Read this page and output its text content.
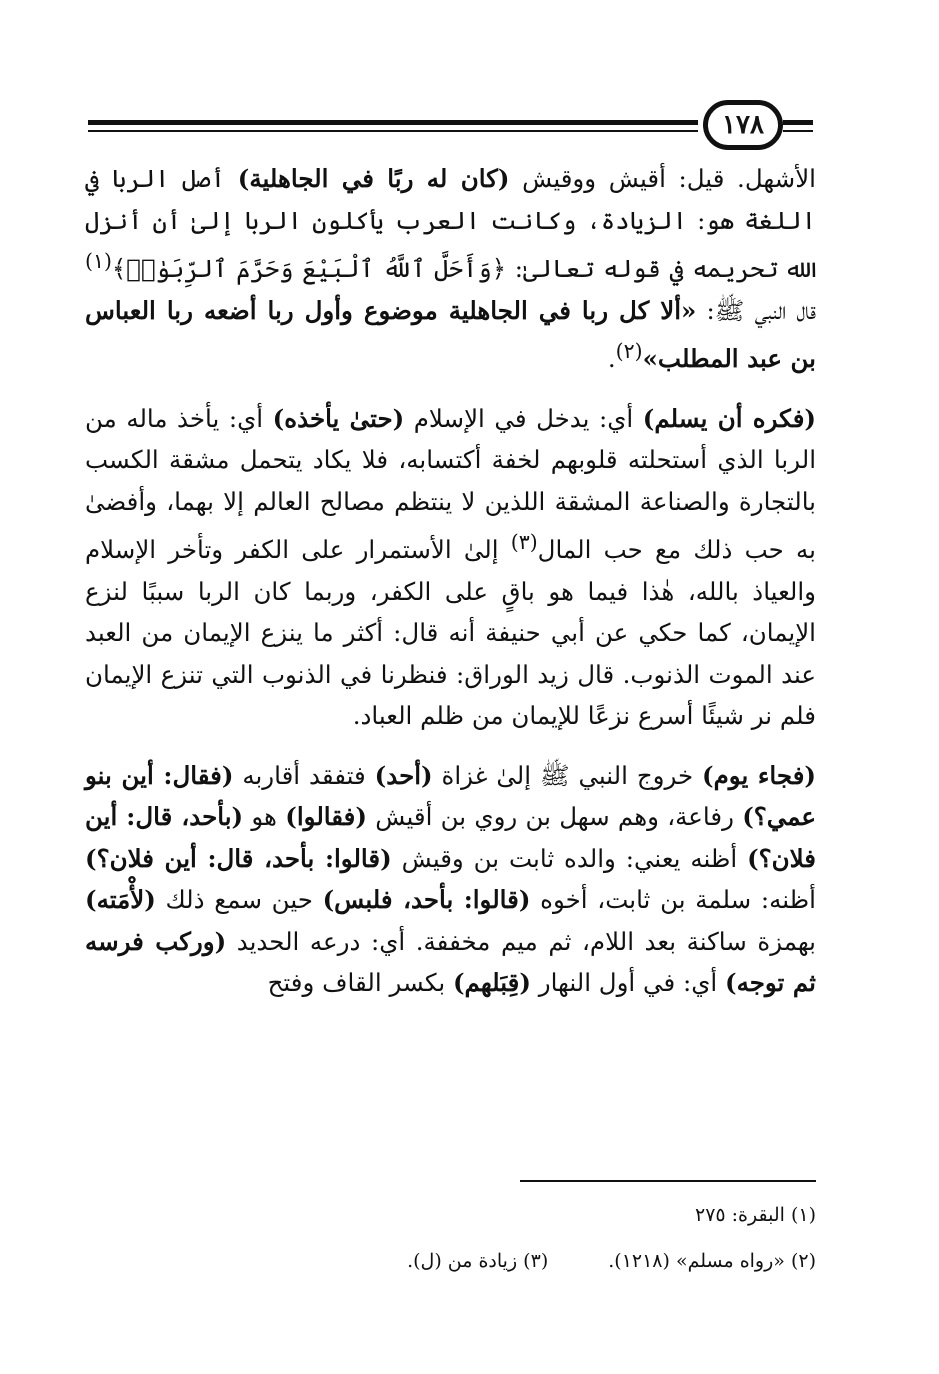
١٧٨

الأشهل. قيل: أقيش ووقيش (كان له ربًا في الجاهلية) أصل الربا في اللغة هو: الزيادة، وكانت العرب يأكلون الربا إلىٰ أن أنزل الله تحريمه في قوله تعالىٰ: ﴿وَأَحَلَّ ٱللَّهُ ٱلْبَيْعَ وَحَرَّمَ ٱلرِّبَوٰا۟﴾$^{(١)}$ قال النبي ﷺ: «ألا كل ربا في الجاهلية موضوع وأول ربا أضعه ربا العباس بن عبد المطلب»$^{(٢)}$.

(فكره أن يسلم) أي: يدخل في الإسلام (حتىٰ يأخذه) أي: يأخذ ماله من الربا الذي أستحلته قلوبهم لخفة أكتسابه، فلا يكاد يتحمل مشقة الكسب بالتجارة والصناعة المشقة اللذين لا ينتظم مصالح العالم إلا بهما، وأفضىٰ به حب ذلك مع حب المال$^{(٣)}$ إلىٰ الأستمرار على الكفر وتأخر الإسلام والعياذ بالله، هٰذا فيما هو باقٍ على الكفر، وربما كان الربا سببًا لنزع الإيمان، كما حكي عن أبي حنيفة أنه قال: أكثر ما ينزع الإيمان من العبد عند الموت الذنوب. قال زيد الوراق: فنظرنا في الذنوب التي تنزع الإيمان فلم نر شيئًا أسرع نزعًا للإيمان من ظلم العباد.

(فجاء يوم) خروج النبي ﷺ إلىٰ غزاة (أحد) فتفقد أقاربه (فقال: أين بنو عمي؟) رفاعة، وهم سهل بن روي بن أقيش (فقالوا) هو (بأحد، قال: أين فلان؟) أظنه يعني: والده ثابت بن وقيش (قالوا: بأحد، قال: أين فلان؟) أظنه: سلمة بن ثابت، أخوه (قالوا: بأحد، فلبس) حين سمع ذلك (لأْمَته) بهمزة ساكنة بعد اللام، ثم ميم مخففة. أي: درعه الحديد (وركب فرسه ثم توجه) أي: في أول النهار (قِبَلهم) بكسر القاف وفتح

(١) البقرة: ٢٧٥
(٢) «رواه مسلم» (١٢١٨).
(٣) زيادة من (ل).
